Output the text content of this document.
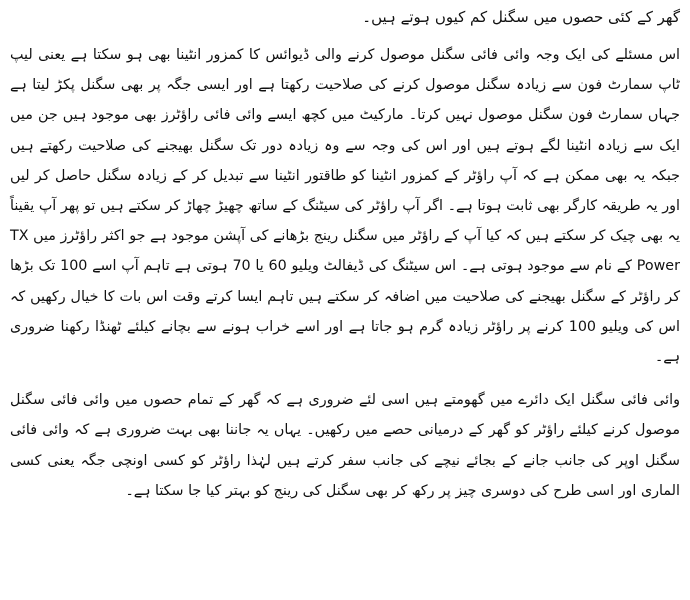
گھر کے کئی حصوں میں سگنل کم کیوں ہوتے ہیں۔

اس مسئلے کی ایک وجہ وائی فائی سگنل موصول کرنے والی ڈیوائس کا کمزور انٹینا بھی ہو سکتا ہے یعنی لیپ ٹاپ سمارٹ فون سے زیادہ سگنل موصول کرنے کی صلاحیت رکھتا ہے اور ایسی جگہ پر بھی سگنل پکڑ لیتا ہے جہاں سمارٹ فون سگنل موصول نہیں کرتا۔ مارکیٹ میں کچھ ایسے وائی فائی راؤٹرز بھی موجود ہیں جن میں ایک سے زیادہ انٹینا لگے ہوتے ہیں اور اس کی وجہ سے وہ زیادہ دور تک سگنل بھیجنے کی صلاحیت رکھتے ہیں جبکہ یہ بھی ممکن ہے کہ آپ راؤٹر کے کمزور انٹینا کو طاقتور انٹینا سے تبدیل کر کے زیادہ سگنل حاصل کر لیں اور یہ طریقہ کارگر بھی ثابت ہوتا ہے۔ اگر آپ راؤٹر کی سیٹنگ کے ساتھ چھیڑ چھاڑ کر سکتے ہیں تو پھر آپ یقیناً یہ بھی چیک کر سکتے ہیں کہ کیا آپ کے راؤٹر میں سگنل رینج بڑھانے کی آپشن موجود ہے جو اکثر راؤٹرز میں TX Power کے نام سے موجود ہوتی ہے۔ اس سیٹنگ کی ڈیفالٹ ویلیو 60 یا 70 ہوتی ہے تاہم آپ اسے 100 تک بڑھا کر راؤٹر کے سگنل بھیجنے کی صلاحیت میں اضافہ کر سکتے ہیں تاہم ایسا کرتے وقت اس بات کا خیال رکھیں کہ اس کی ویلیو 100 کرنے پر راؤٹر زیادہ گرم ہو جاتا ہے اور اسے خراب ہونے سے بچانے کیلئے ٹھنڈا رکھنا ضروری ہے۔

وائی فائی سگنل ایک دائرے میں گھومتے ہیں اسی لئے ضروری ہے کہ گھر کے تمام حصوں میں وائی فائی سگنل موصول کرنے کیلئے راؤٹر کو گھر کے درمیانی حصے میں رکھیں۔ یہاں یہ جاننا بھی بہت ضروری ہے کہ وائی فائی سگنل اوپر کی جانب جانے کے بجائے نیچے کی جانب سفر کرتے ہیں لہٰذا راؤٹر کو کسی اونچی جگہ یعنی کسی الماری اور اسی طرح کی دوسری چیز پر رکھ کر بھی سگنل کی رینج کو بہتر کیا جا سکتا ہے۔
